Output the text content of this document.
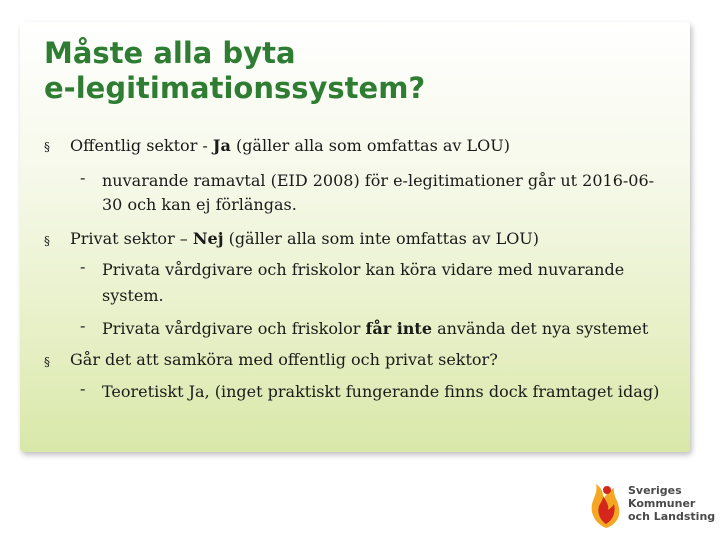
Måste alla byta
e-legitimationssystem?
§ Offentlig sektor - Ja (gäller alla som omfattas av LOU)
- nuvarande ramavtal (EID 2008) för e-legitimationer går ut 2016-06-
30 och kan ej förlängas.
§ Privat sektor – Nej (gäller alla som inte omfattas av LOU)
- Privata vårdgivare och friskolor kan köra vidare med nuvarande
system.
- Privata vårdgivare och friskolor får inte använda det nya systemet
§ Går det att samköra med offentlig och privat sektor?
- Teoretiskt Ja, (inget praktiskt fungerande finns dock framtaget idag)
Sveriges
Kommuner
och Landsting
